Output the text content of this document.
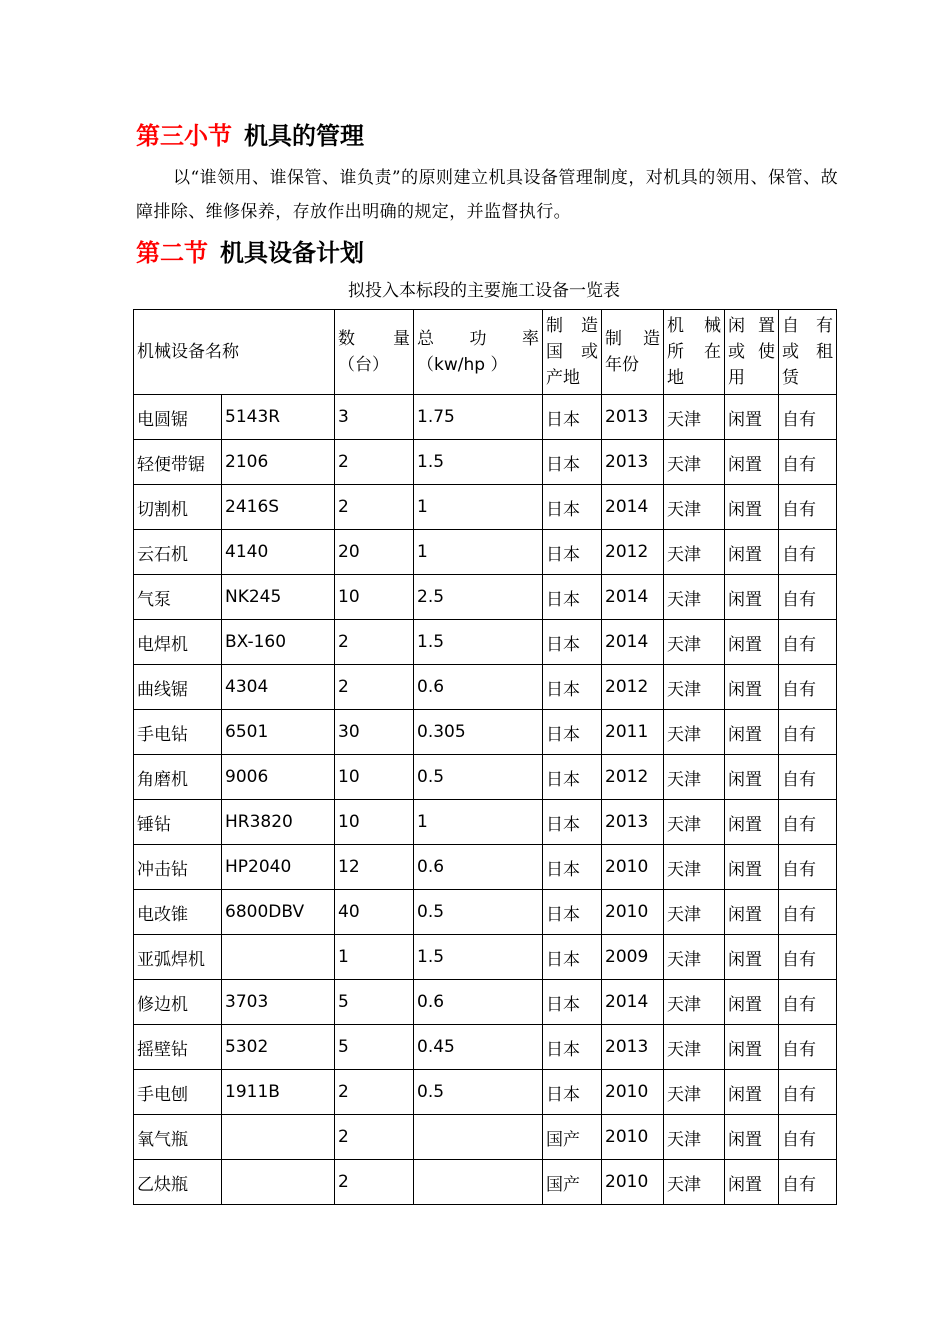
第三小节 机具的管理
以“谁领用、谁保管、谁负责”的原则建立机具设备管理制度，对机具的领用、保管、故障排除、维修保养，存放作出明确的规定，并监督执行。
第二节 机具设备计划
拟投入本标段的主要施工设备一览表
机械设备名称		数 量（台）	总 功 率（kw/hp ）	制 造国 或产地	制 造年份	机 械所 在地	闲 置或 使用	自 有或 租赁
电圆锯	5143R	3	1.75	日本	2013	天津	闲置	自有
轻便带锯	2106	2	1.5	日本	2013	天津	闲置	自有
切割机	2416S	2	1	日本	2014	天津	闲置	自有
云石机	4140	20	1	日本	2012	天津	闲置	自有
气泵	NK245	10	2.5	日本	2014	天津	闲置	自有
电焊机	BX-160	2	1.5	日本	2014	天津	闲置	自有
曲线锯	4304	2	0.6	日本	2012	天津	闲置	自有
手电钻	6501	30	0.305	日本	2011	天津	闲置	自有
角磨机	9006	10	0.5	日本	2012	天津	闲置	自有
锤钻	HR3820	10	1	日本	2013	天津	闲置	自有
冲击钻	HP2040	12	0.6	日本	2010	天津	闲置	自有
电改锥	6800DBV	40	0.5	日本	2010	天津	闲置	自有
亚弧焊机		1	1.5	日本	2009	天津	闲置	自有
修边机	3703	5	0.6	日本	2014	天津	闲置	自有
摇壁钻	5302	5	0.45	日本	2013	天津	闲置	自有
手电刨	1911B	2	0.5	日本	2010	天津	闲置	自有
氧气瓶		2		国产	2010	天津	闲置	自有
乙炔瓶		2		国产	2010	天津	闲置	自有
